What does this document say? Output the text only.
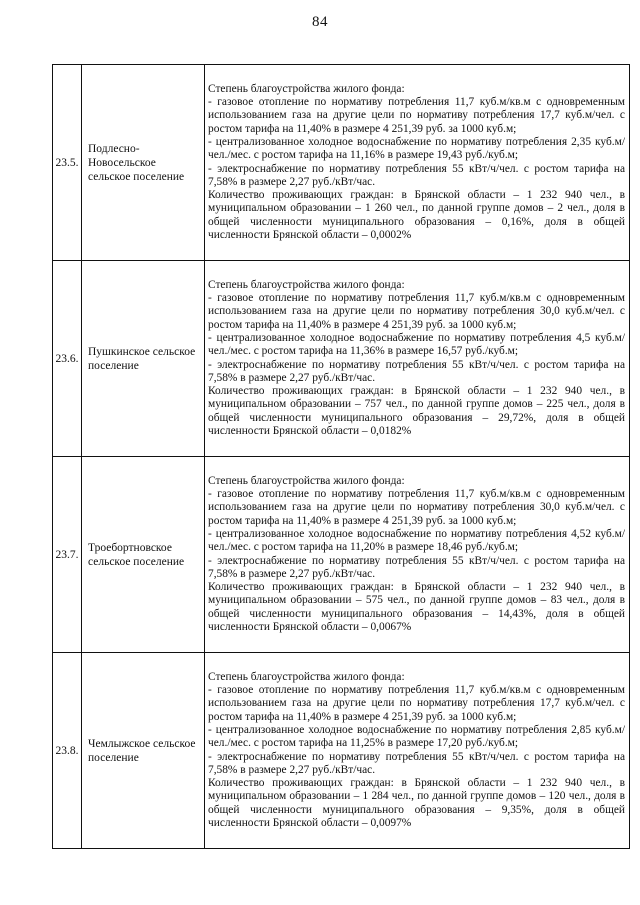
84
23.5.	Подлесно-Новосельское сельское поселение	Степень благоустройства жилого фонда:
- газовое отопление по нормативу потребления 11,7 куб.м/кв.м с одновременным использованием газа на другие цели по нормативу потребления 17,7 куб.м/чел. с ростом тарифа на 11,40% в размере 4 251,39 руб. за 1000 куб.м;
- централизованное холодное водоснабжение по нормативу потребления 2,35 куб.м/чел./мес. с ростом тарифа на 11,16% в размере 19,43 руб./куб.м;
- электроснабжение по нормативу потребления 55 кВт/ч/чел. с ростом тарифа на 7,58% в размере 2,27 руб./кВт/час.
Количество проживающих граждан: в Брянской области – 1 232 940 чел., в муниципальном образовании – 1 260 чел., по данной группе домов – 2 чел., доля в общей численности муниципального образования – 0,16%, доля в общей численности Брянской области – 0,0002%

23.6.	Пушкинское сельское поселение	Степень благоустройства жилого фонда:
- газовое отопление по нормативу потребления 11,7 куб.м/кв.м с одновременным использованием газа на другие цели по нормативу потребления 30,0 куб.м/чел. с ростом тарифа на 11,40% в размере 4 251,39 руб. за 1000 куб.м;
- централизованное холодное водоснабжение по нормативу потребления 4,5 куб.м/чел./мес. с ростом тарифа на 11,36% в размере 16,57 руб./куб.м;
- электроснабжение по нормативу потребления 55 кВт/ч/чел. с ростом тарифа на 7,58% в размере 2,27 руб./кВт/час.
Количество проживающих граждан: в Брянской области – 1 232 940 чел., в муниципальном образовании – 757 чел., по данной группе домов – 225 чел., доля в общей численности муниципального образования – 29,72%, доля в общей численности Брянской области – 0,0182%

23.7.	Троебортновское сельское поселение	Степень благоустройства жилого фонда:
- газовое отопление по нормативу потребления 11,7 куб.м/кв.м с одновременным использованием газа на другие цели по нормативу потребления 30,0 куб.м/чел. с ростом тарифа на 11,40% в размере 4 251,39 руб. за 1000 куб.м;
- централизованное холодное водоснабжение по нормативу потребления 4,52 куб.м/чел./мес. с ростом тарифа на 11,20% в размере 18,46 руб./куб.м;
- электроснабжение по нормативу потребления 55 кВт/ч/чел. с ростом тарифа на 7,58% в размере 2,27 руб./кВт/час.
Количество проживающих граждан: в Брянской области – 1 232 940 чел., в муниципальном образовании – 575 чел., по данной группе домов – 83 чел., доля в общей численности муниципального образования – 14,43%, доля в общей численности Брянской области – 0,0067%

23.8.	Чемлыжское сельское поселение	Степень благоустройства жилого фонда:
- газовое отопление по нормативу потребления 11,7 куб.м/кв.м с одновременным использованием газа на другие цели по нормативу потребления 17,7 куб.м/чел. с ростом тарифа на 11,40% в размере 4 251,39 руб. за 1000 куб.м;
- централизованное холодное водоснабжение по нормативу потребления 2,85 куб.м/чел./мес. с ростом тарифа на 11,25% в размере 17,20 руб./куб.м;
- электроснабжение по нормативу потребления 55 кВт/ч/чел. с ростом тарифа на 7,58% в размере 2,27 руб./кВт/час.
Количество проживающих граждан: в Брянской области – 1 232 940 чел., в муниципальном образовании – 1 284 чел., по данной группе домов – 120 чел., доля в общей численности муниципального образования – 9,35%, доля в общей численности Брянской области – 0,0097%
